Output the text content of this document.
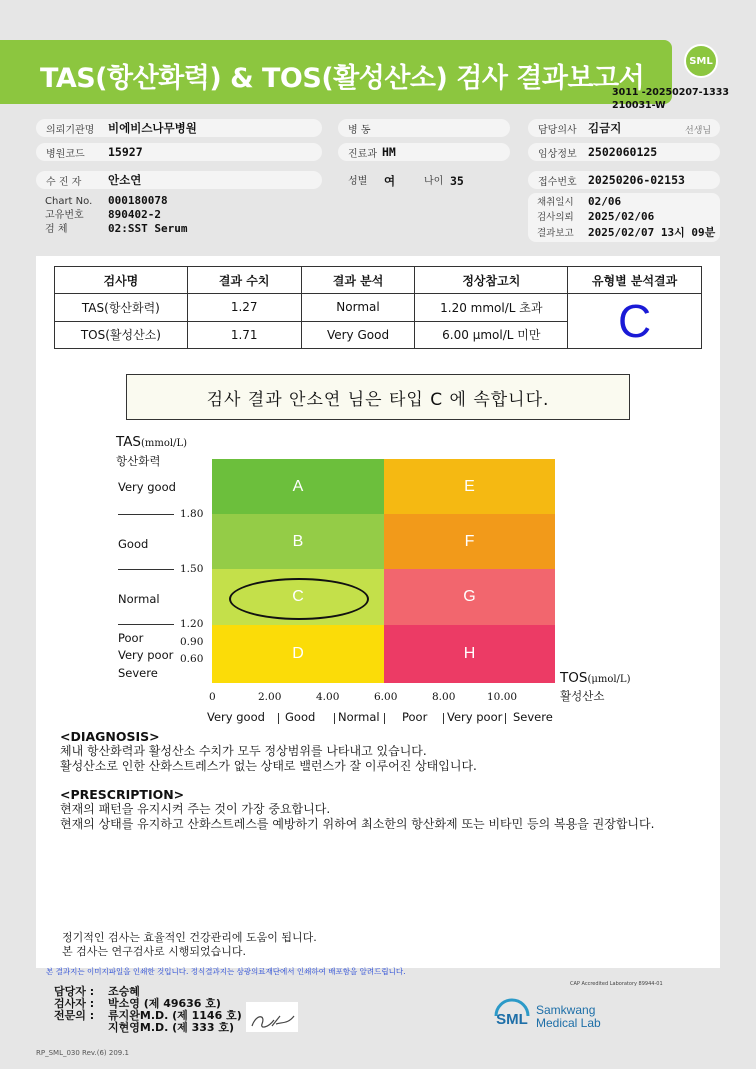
TAS(항산화력) & TOS(활성산소) 검사 결과보고서
SML
3011 -20250207-1333
210031-W
의뢰기관명	비에비스나무병원
병원코드	15927
수 진 자	안소연
Chart No. 000180078
고유번호 890402-2
검 체	02:SST Serum
병 동
진료과 HM
성별 여	나이 35
담당의사 김금지	선생님
임상정보 2502060125
접수번호 20250206-02153
채취일시 02/06
검사의뢰 2025/02/06
결과보고 2025/02/07 13시 09분
검사명	결과 수치	결과 분석	정상참고치	유형별 분석결과
TAS(항산화력)	1.27	Normal	1.20 mmol/L 초과	C
TOS(활성산소)	1.71	Very Good	6.00 μmol/L 미만	
검사 결과 안소연 님은 타입 C 에 속합니다.
TAS(mmol/L)
항산화력
Very good
Good
Normal
Poor
Very poor
Severe
1.80
1.50
1.20
0.90
0.60
A
B
C
D
E
F
G
H
TOS(μmol/L)
활성산소
0	2.00	4.00	6.00	8.00	10.00
Very good Good Normal Poor Very poor Severe
<DIAGNOSIS>
체내 항산화력과 활성산소 수치가 모두 정상범위를 나타내고 있습니다.
활성산소로 인한 산화스트레스가 없는 상태로 밸런스가 잘 이루어진 상태입니다.
<PRESCRIPTION>
현재의 패턴을 유지시켜 주는 것이 가장 중요합니다.
현재의 상태를 유지하고 산화스트레스를 예방하기 위하여 최소한의 항산화제 또는 비타민 등의 복용을 권장합니다.
정기적인 검사는 효율적인 건강관리에 도움이 됩니다.
본 검사는 연구검사로 시행되었습니다.
본 결과지는 이미지파일을 인쇄한 것입니다. 정식결과지는 삼광의료재단에서 인쇄하여 배포함을 알려드립니다.
CAP Accredited Laboratory 89944-01
담당자 : 조승혜
검사자 : 박소영 (제 49636 호)
전문의 : 류지완M.D. (제 1146 호)
지현영M.D. (제 333 호)	SML
Samkwang
Medical Lab
RP_SML_030 Rev.(6) 209.1
